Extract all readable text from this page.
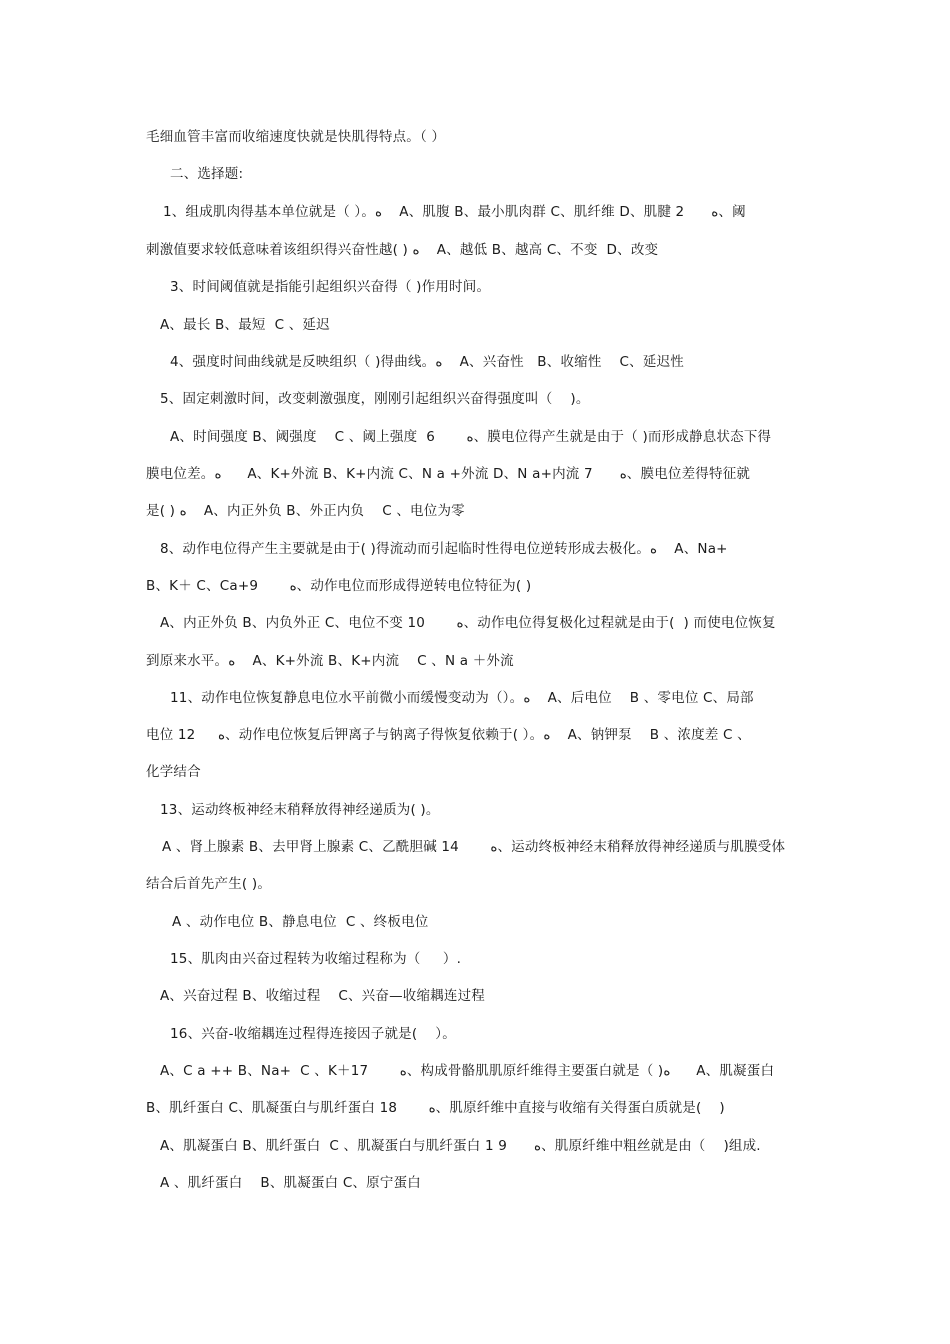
毛细血管丰富而收缩速度快就是快肌得特点。（ ）
二、选择题:
1、组成肌肉得基本单位就是（ ）。ﻩ    A、肌腹 B、最小肌肉群 C、肌纤维 D、肌腱 2      ﻩ、阈
刺激值要求较低意味着该组织得兴奋性越( ) ﻩ    A、越低 B、越高 C、不变  D、改变
3、时间阈值就是指能引起组织兴奋得（ )作用时间。
A、最长 B、最短  C 、延迟
4、强度时间曲线就是反映组织（ )得曲线。ﻩ    A、兴奋性   B、收缩性    C、延迟性
5、固定刺激时间，改变刺激强度，刚刚引起组织兴奋得强度叫（    )。
A、时间强度 B、阈强度    C 、阈上强度  6       ﻩ、膜电位得产生就是由于（ )而形成静息状态下得
膜电位差。ﻩ      A、K+外流 B、K+内流 C、N a +外流 D、N a+内流 7      ﻩ、膜电位差得特征就
是( ) ﻩ    A、内正外负 B、外正内负    C 、电位为零
8、动作电位得产生主要就是由于( )得流动而引起临时性得电位逆转形成去极化。ﻩ    A、Na+
B、K＋ C、Ca+9       ﻩ、动作电位而形成得逆转电位特征为( )
A、内正外负 B、内负外正 C、电位不变 10       ﻩ、动作电位得复极化过程就是由于(  ) 而使电位恢复
到原来水平。ﻩ    A、K+外流 B、K+内流    C 、N a ＋外流
11、动作电位恢复静息电位水平前微小而缓慢变动为（）。ﻩ    A、后电位    B 、零电位 C、局部
电位 12     ﻩ、动作电位恢复后钾离子与钠离子得恢复依赖于( ）。ﻩ    A、钠钾泵    B 、浓度差 C 、
化学结合
13、运动终板神经末稍释放得神经递质为( )。
A 、肾上腺素 B、去甲肾上腺素 C、乙酰胆碱 14       ﻩ、运动终板神经末稍释放得神经递质与肌膜受体
结合后首先产生( )。
A 、动作电位 B、静息电位  C 、终板电位
15、肌肉由兴奋过程转为收缩过程称为（     ）.
A、兴奋过程 B、收缩过程    C、兴奋—收缩耦连过程
16、兴奋-收缩耦连过程得连接因子就是(    ）。
A、C a ++ B、Na+  C 、K＋17       ﻩ、构成骨骼肌肌原纤维得主要蛋白就是（ )ﻩ      A、肌凝蛋白
B、肌纤蛋白 C、肌凝蛋白与肌纤蛋白 18       ﻩ、肌原纤维中直接与收缩有关得蛋白质就是(    )
A、肌凝蛋白 B、肌纤蛋白  C 、肌凝蛋白与肌纤蛋白 1 9      ﻩ、肌原纤维中粗丝就是由（    )组成.
A 、肌纤蛋白    B、肌凝蛋白 C、原宁蛋白
